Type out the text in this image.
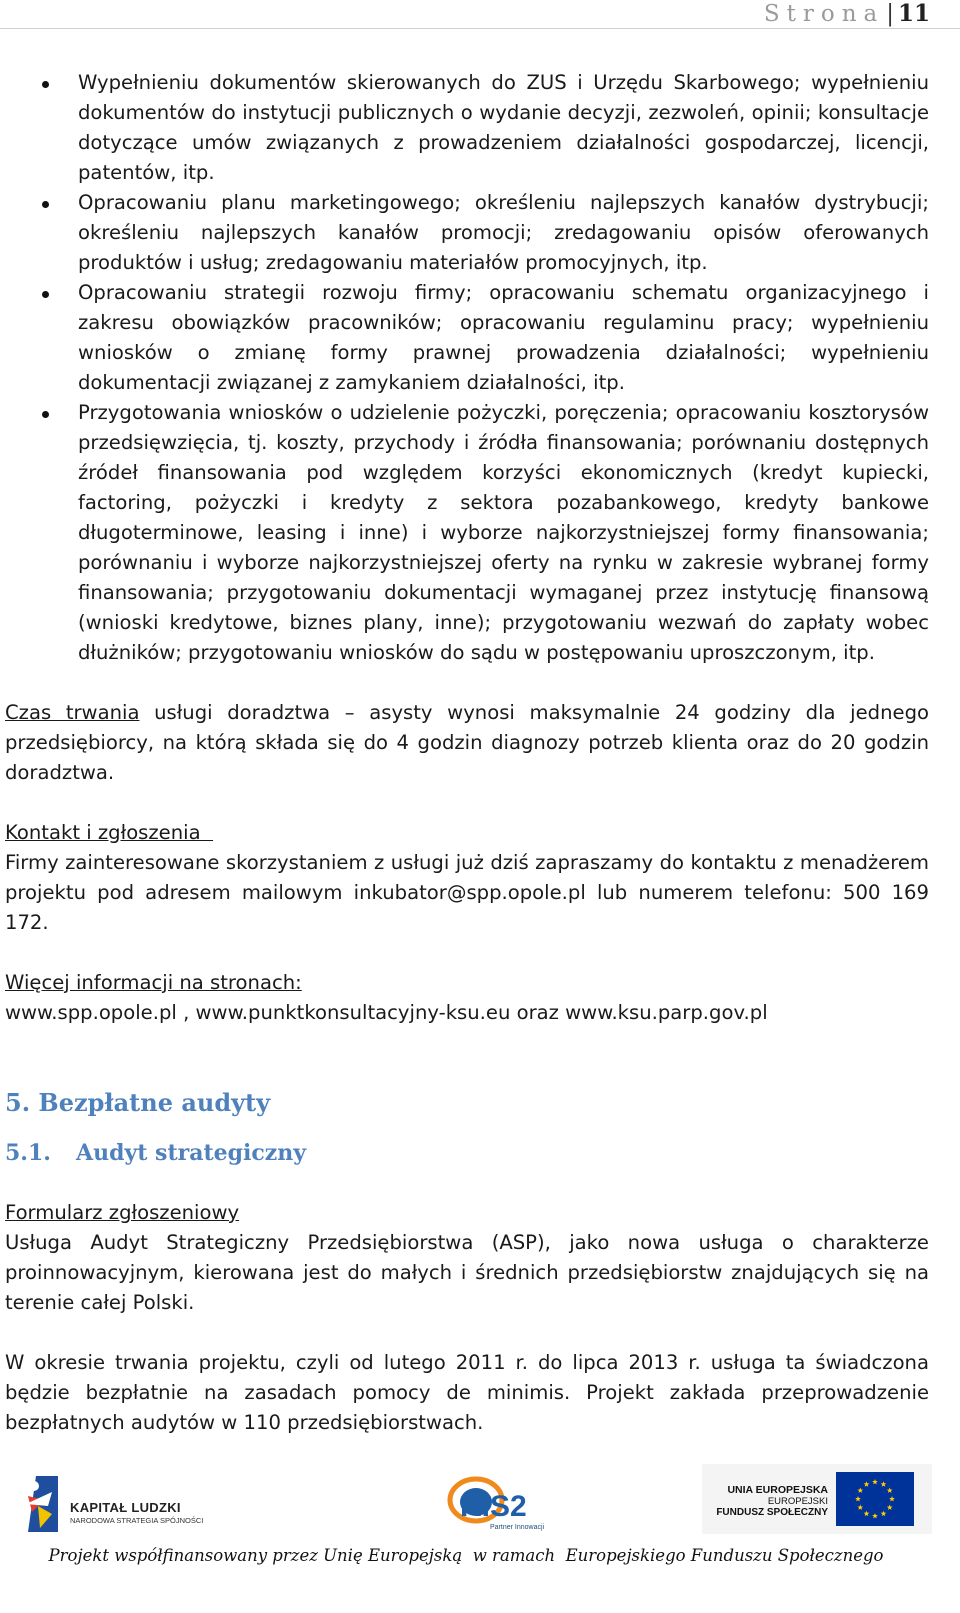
Strona| 11
Wypełnieniu dokumentów skierowanych do ZUS i Urzędu Skarbowego; wypełnieniu dokumentów do instytucji publicznych o wydanie decyzji, zezwoleń, opinii; konsultacje dotyczące umów związanych z prowadzeniem działalności gospodarczej, licencji, patentów, itp.
Opracowaniu planu marketingowego; określeniu najlepszych kanałów dystrybucji; określeniu najlepszych kanałów promocji; zredagowaniu opisów oferowanych produktów i usług; zredagowaniu materiałów promocyjnych, itp.
Opracowaniu strategii rozwoju firmy; opracowaniu schematu organizacyjnego i zakresu obowiązków pracowników; opracowaniu regulaminu pracy; wypełnieniu wniosków o zmianę formy prawnej prowadzenia działalności; wypełnieniu dokumentacji związanej z zamykaniem działalności, itp.
Przygotowania wniosków o udzielenie pożyczki, poręczenia; opracowaniu kosztorysów przedsięwzięcia, tj. koszty, przychody i źródła finansowania; porównaniu dostępnych źródeł finansowania pod względem korzyści ekonomicznych (kredyt kupiecki, factoring, pożyczki i kredyty z sektora pozabankowego, kredyty bankowe długoterminowe, leasing i inne) i wyborze najkorzystniejszej formy finansowania; porównaniu i wyborze najkorzystniejszej oferty na rynku w zakresie wybranej formy finansowania; przygotowaniu dokumentacji wymaganej przez instytucję finansową (wnioski kredytowe, biznes plany, inne); przygotowaniu wezwań do zapłaty wobec dłużników; przygotowaniu wniosków do sądu w postępowaniu uproszczonym, itp.

Czas trwania usługi doradztwa – asysty wynosi maksymalnie 24 godziny dla jednego przedsiębiorcy, na którą składa się do 4 godzin diagnozy potrzeb klienta oraz do 20 godzin doradztwa.

Kontakt i zgłoszenia

Firmy zainteresowane skorzystaniem z usługi już dziś zapraszamy do kontaktu z menadżerem projektu pod adresem mailowym inkubator@spp.opole.pl lub numerem telefonu: 500 169 172.

Więcej informacji na stronach:

www.spp.opole.pl , www.punktkonsultacyjny-ksu.eu oraz www.ksu.parp.gov.pl

5. Bezpłatne audyty
5.1.	Audyt strategiczny

Formularz zgłoszeniowy

Usługa Audyt Strategiczny Przedsiębiorstwa (ASP), jako nowa usługa o charakterze proinnowacyjnym, kierowana jest do małych i średnich przedsiębiorstw znajdujących się na terenie całej Polski.

W okresie trwania projektu, czyli od lutego 2011 r. do lipca 2013 r. usługa ta świadczona będzie bezpłatnie na zasadach pomocy de minimis. Projekt zakłada przeprowadzenie bezpłatnych audytów w 110 przedsiębiorstwach.

KAPITAŁ LUDZKI
NARODOWA STRATEGIA SPÓJNOŚCI	RIS2
Partner Innowacji
UNIA EUROPEJSKA
EUROPEJSKI
FUNDUSZ SPOŁECZNY
Projekt współfinansowany przez Unię Europejską  w ramach  Europejskiego Funduszu Społecznego
